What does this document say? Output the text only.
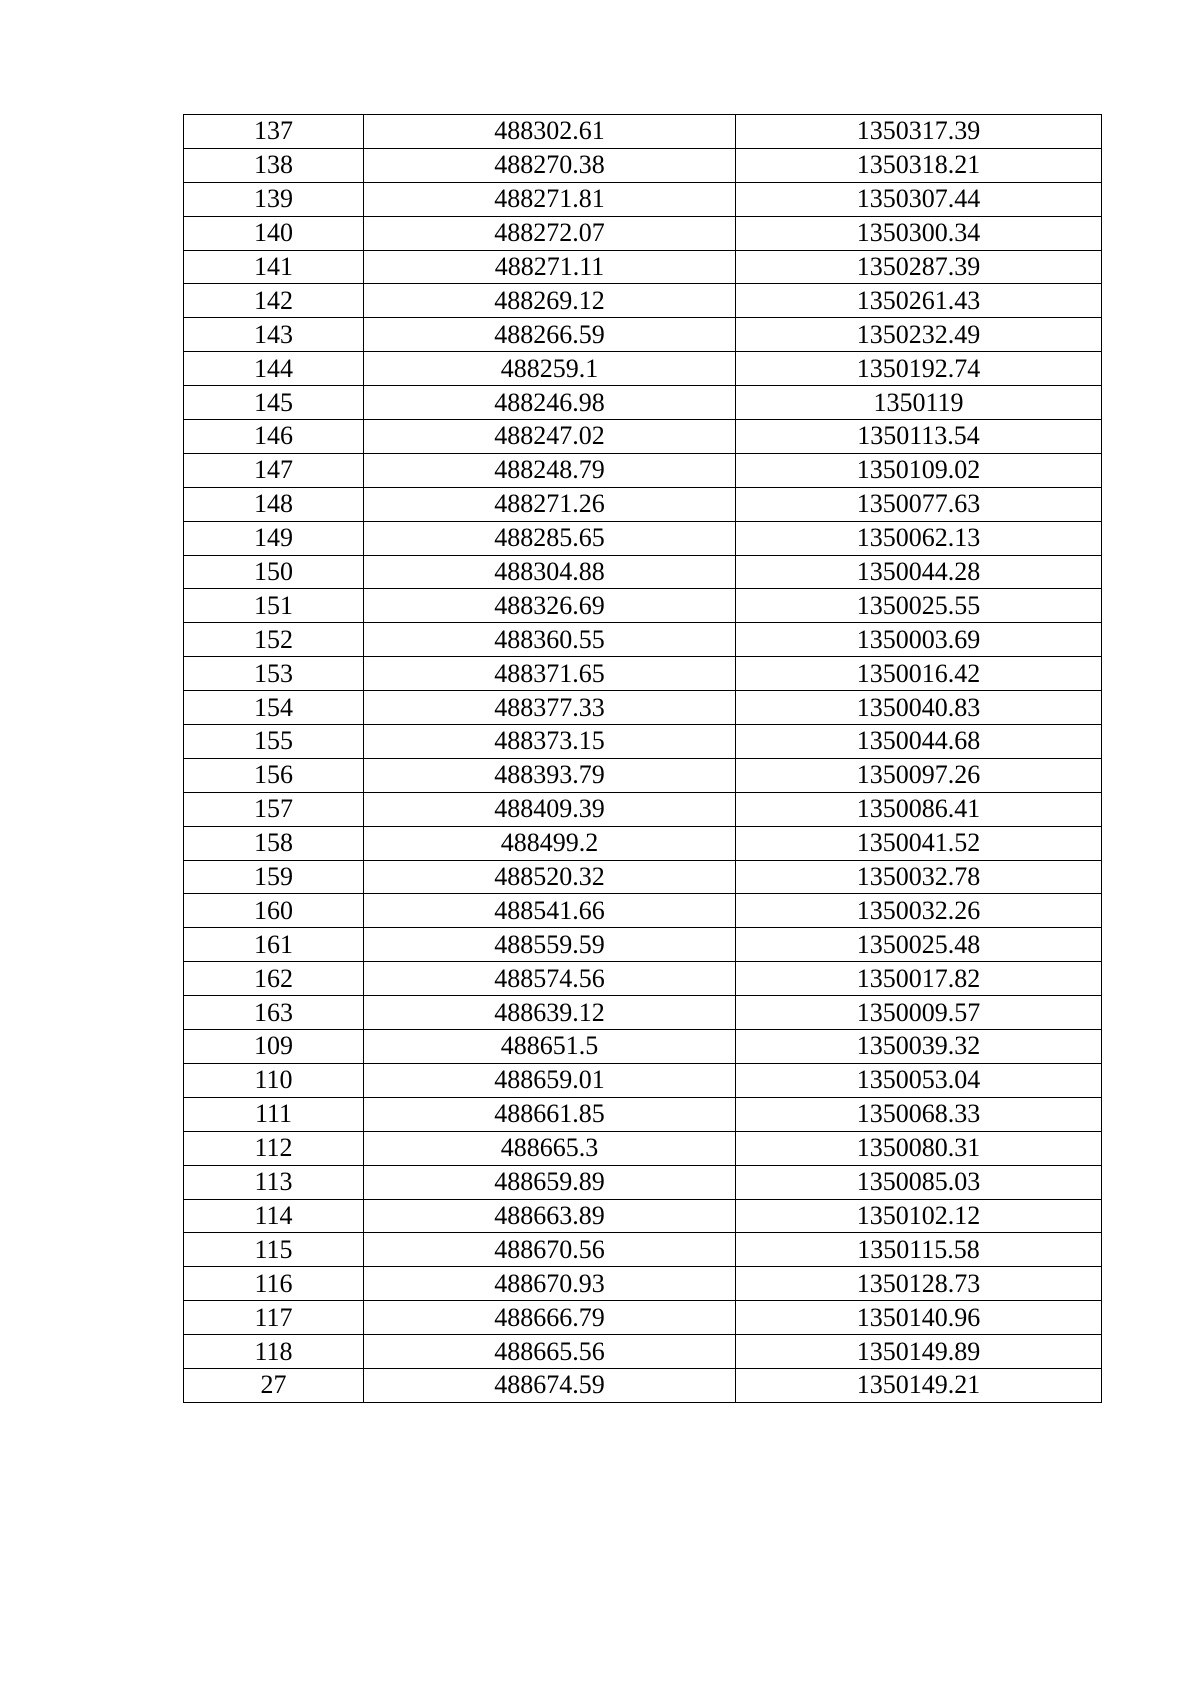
137	488302.61	1350317.39
138	488270.38	1350318.21
139	488271.81	1350307.44
140	488272.07	1350300.34
141	488271.11	1350287.39
142	488269.12	1350261.43
143	488266.59	1350232.49
144	488259.1	1350192.74
145	488246.98	1350119
146	488247.02	1350113.54
147	488248.79	1350109.02
148	488271.26	1350077.63
149	488285.65	1350062.13
150	488304.88	1350044.28
151	488326.69	1350025.55
152	488360.55	1350003.69
153	488371.65	1350016.42
154	488377.33	1350040.83
155	488373.15	1350044.68
156	488393.79	1350097.26
157	488409.39	1350086.41
158	488499.2	1350041.52
159	488520.32	1350032.78
160	488541.66	1350032.26
161	488559.59	1350025.48
162	488574.56	1350017.82
163	488639.12	1350009.57
109	488651.5	1350039.32
110	488659.01	1350053.04
111	488661.85	1350068.33
112	488665.3	1350080.31
113	488659.89	1350085.03
114	488663.89	1350102.12
115	488670.56	1350115.58
116	488670.93	1350128.73
117	488666.79	1350140.96
118	488665.56	1350149.89
27	488674.59	1350149.21
